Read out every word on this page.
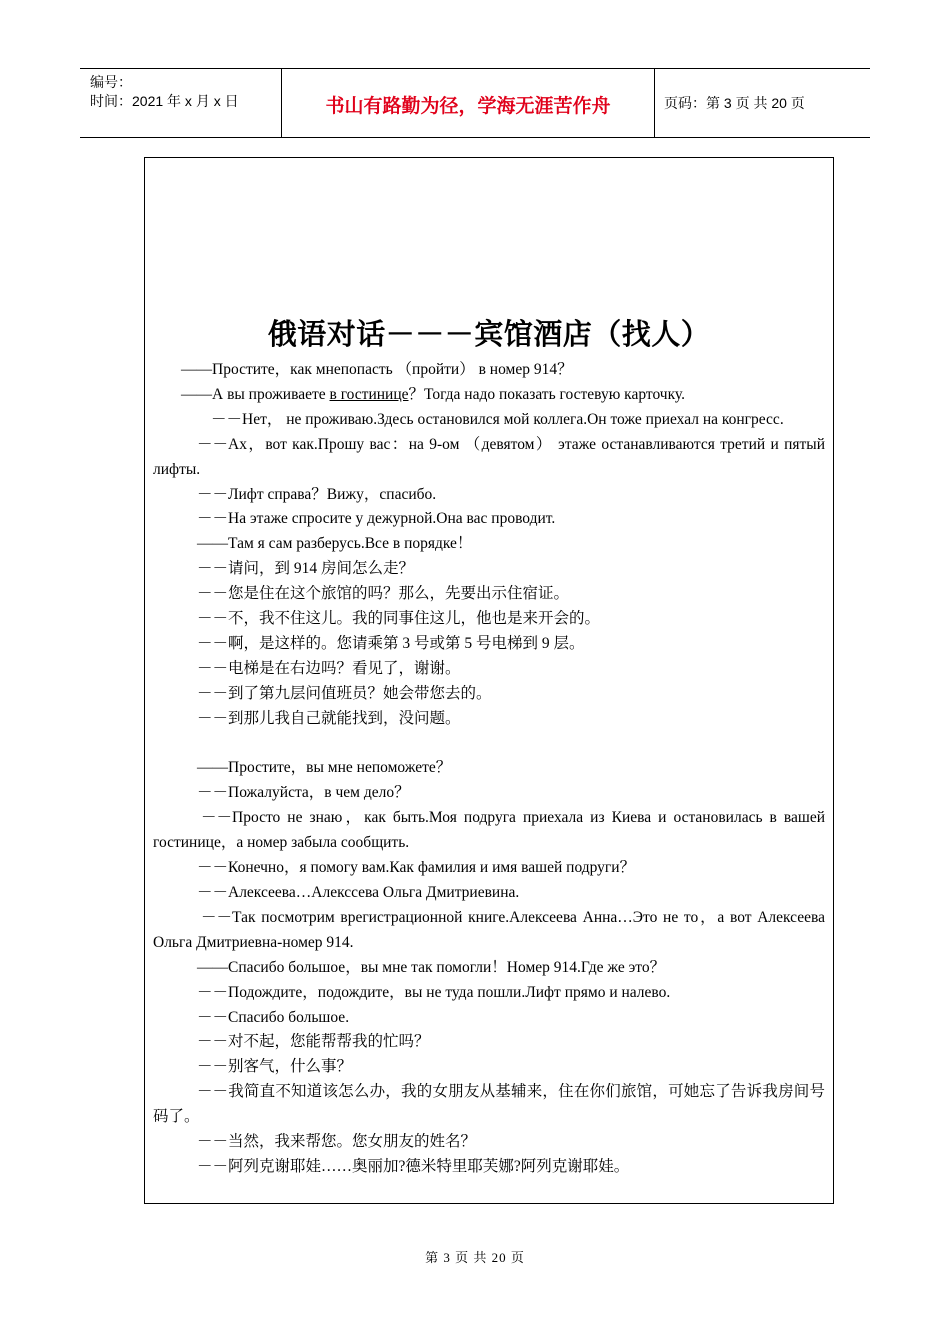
编号：
时间：2021 年 x 月 x 日	书山有路勤为径，学海无涯苦作舟	页码：第 3 页 共 20 页
俄语对话－－－宾馆酒店（找人）

——Простите，как мнепопасть （пройти） в номер 914？

——А вы проживаете в гостинице？Тогда надо показать гостевую карточку.

－－Нет， не проживаю.Здесь остановился мой коллега.Он тоже приехал на конгресс.

－－Ах，вот как.Прошу вас：на 9-ом （девятом） этаже останавливаются третий и пятый лифты.

－－Лифт справа？Вижу，спасибо.

－－На этаже спросите у дежурной.Она вас проводит.

——Там я сам разберусь.Все в порядке！

－－请问，到 914 房间怎么走？

－－您是住在这个旅馆的吗？那么，先要出示住宿证。

－－不，我不住这儿。我的同事住这儿，他也是来开会的。

－－啊，是这样的。您请乘第 3 号或第 5 号电梯到 9 层。

－－电梯是在右边吗？看见了，谢谢。

－－到了第九层问值班员？她会带您去的。

－－到那儿我自己就能找到，没问题。

——Простите，вы мне непоможете？

－－Пожалуйста，в чем дело？

－－Просто не знаю，как быть.Моя подруга приехала из Киева и остановилась в вашей гостинице，а номер забыла сообщить.

－－Конечно，я помогу вам.Как фамилия и имя вашей подруги？

－－Алексеева…Алекссева Ольга Дмитриевина.

－－Так посмотрим врегистрационной книге.Алексеева Анна…Это не то，а вот Алексеева Ольга Дмитриевна-номер 914.

——Спасибо большое，вы мне так помогли！Номер 914.Где же это？

－－Подождите，подождите，вы не туда пошли.Лифт прямо и налево.

－－Спасибо большое.

－－对不起，您能帮帮我的忙吗？

－－别客气，什么事？

－－我简直不知道该怎么办，我的女朋友从基辅来，住在你们旅馆，可她忘了告诉我房间号码了。

－－当然，我来帮您。您女朋友的姓名？

－－阿列克谢耶娃……奥丽加?德米特里耶芙娜?阿列克谢耶娃。

第 3 页 共 20 页
